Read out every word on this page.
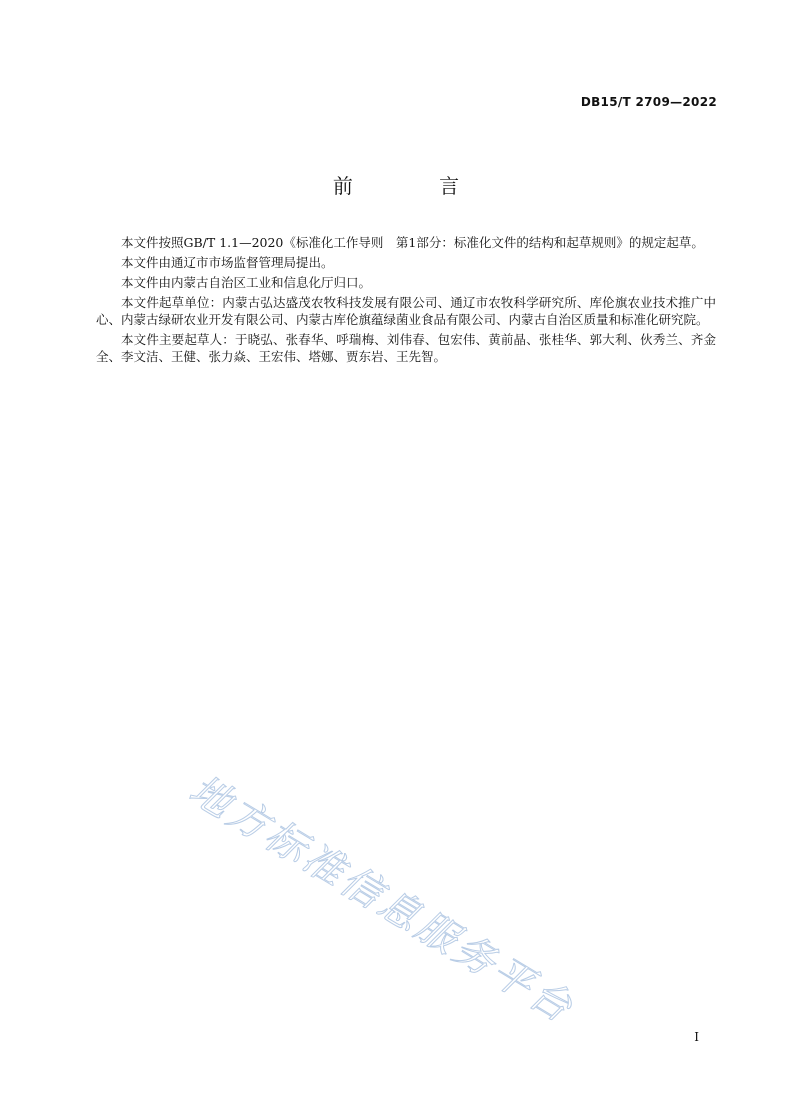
DB15/T 2709—2022
前 言

本文件按照GB/T 1.1—2020《标准化工作导则　第1部分：标准化文件的结构和起草规则》的规定起草。

本文件由通辽市市场监督管理局提出。

本文件由内蒙古自治区工业和信息化厅归口。

本文件起草单位：内蒙古弘达盛茂农牧科技发展有限公司、通辽市农牧科学研究所、库伦旗农业技术推广中心、内蒙古绿研农业开发有限公司、内蒙古库伦旗蕴绿菌业食品有限公司、内蒙古自治区质量和标准化研究院。

本文件主要起草人：于晓弘、张春华、呼瑞梅、刘伟春、包宏伟、黄前晶、张桂华、郭大利、伙秀兰、齐金全、李文洁、王健、张力焱、王宏伟、塔娜、贾东岩、王先智。

地方标准信息服务平台
I
